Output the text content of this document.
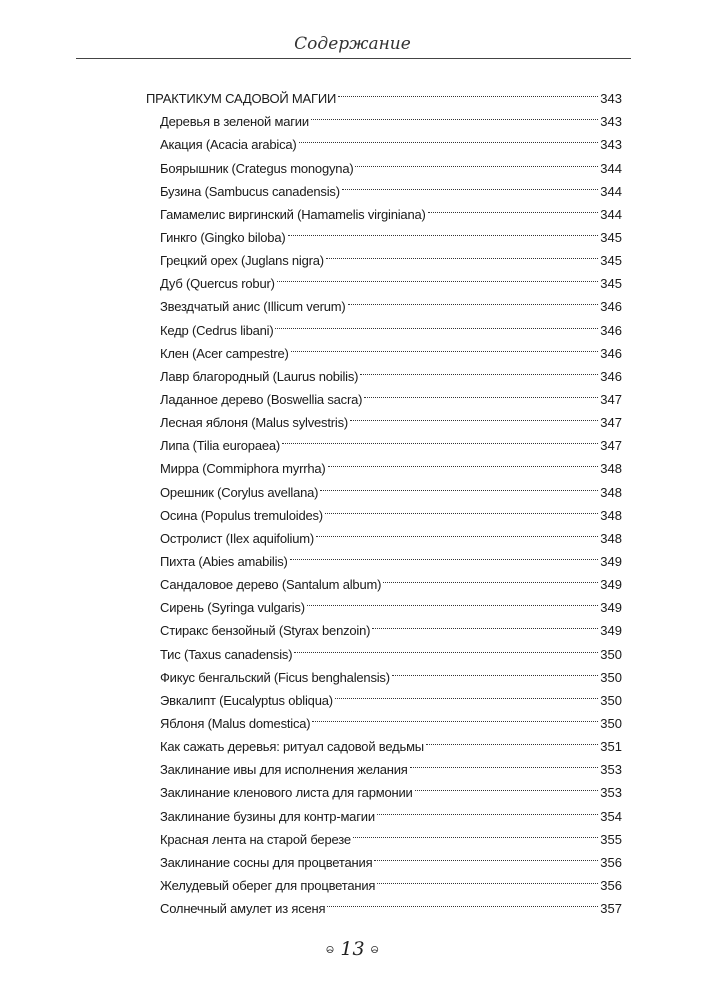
Содержание
ПРАКТИКУМ САДОВОЙ МАГИИ	343
Деревья в зеленой магии	343
Акация (Acacia arabica)	343
Боярышник (Crategus monogyna)	344
Бузина (Sambucus canadensis)	344
Гамамелис виргинский (Hamamelis virginiana)	344
Гинкго (Gingko biloba)	345
Грецкий орех (Juglans nigra)	345
Дуб (Quercus robur)	345
Звездчатый анис (Illicum verum)	346
Кедр (Cedrus libani)	346
Клен (Acer campestre)	346
Лавр благородный (Laurus nobilis)	346
Ладанное дерево (Boswellia sacra)	347
Лесная яблоня (Malus sylvestris)	347
Липа (Tilia europaea)	347
Мирра (Commiphora myrrha)	348
Орешник (Corylus avellana)	348
Осина (Populus tremuloides)	348
Остролист (Ilex aquifolium)	348
Пихта (Abies amabilis)	349
Сандаловое дерево (Santalum album)	349
Сирень (Syringa vulgaris)	349
Стиракс бензойный (Styrax benzoin)	349
Тис (Taxus canadensis)	350
Фикус бенгальский (Ficus benghalensis)	350
Эвкалипт (Eucalyptus obliqua)	350
Яблоня (Malus domestica)	350
Как сажать деревья: ритуал садовой ведьмы	351
Заклинание ивы для исполнения желания	353
Заклинание кленового листа для гармонии	353
Заклинание бузины для контр-магии	354
Красная лента на старой березе	355
Заклинание сосны для процветания	356
Желудевый оберег для процветания	356
Солнечный амулет из ясеня	357
ဓ 13 ဓ
